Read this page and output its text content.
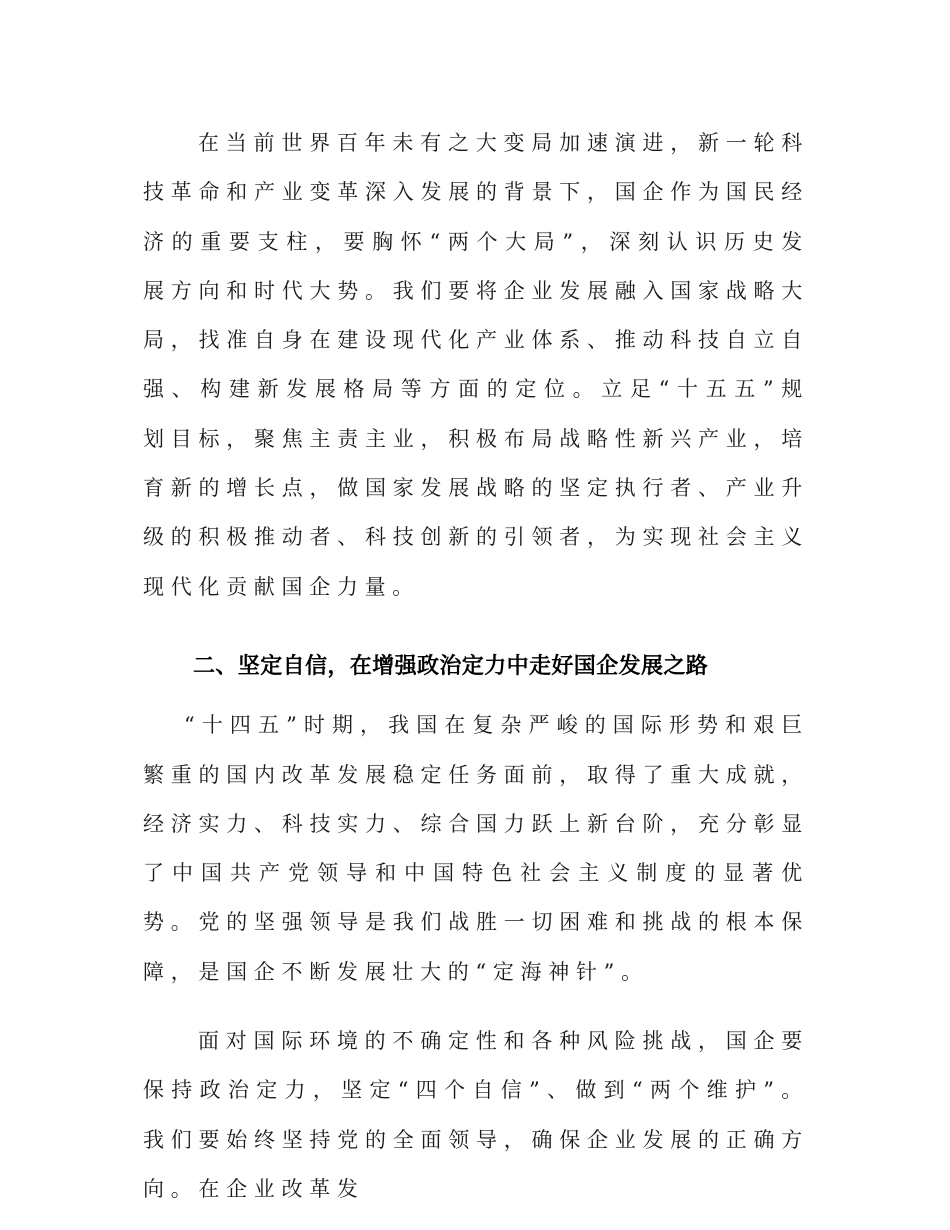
在当前世界百年未有之大变局加速演进，新一轮科技革命和产业变革深入发展的背景下，国企作为国民经济的重要支柱，要胸怀“两个大局”，深刻认识历史发展方向和时代大势。我们要将企业发展融入国家战略大局，找准自身在建设现代化产业体系、推动科技自立自强、构建新发展格局等方面的定位。立足“十五五”规划目标，聚焦主责主业，积极布局战略性新兴产业，培育新的增长点，做国家发展战略的坚定执行者、产业升级的积极推动者、科技创新的引领者，为实现社会主义现代化贡献国企力量。

二、坚定自信，在增强政治定力中走好国企发展之路

“十四五”时期，我国在复杂严峻的国际形势和艰巨繁重的国内改革发展稳定任务面前，取得了重大成就，经济实力、科技实力、综合国力跃上新台阶，充分彰显了中国共产党领导和中国特色社会主义制度的显著优势。党的坚强领导是我们战胜一切困难和挑战的根本保障，是国企不断发展壮大的“定海神针”。

面对国际环境的不确定性和各种风险挑战，国企要保持政治定力，坚定“四个自信”、做到“两个维护”。我们要始终坚持党的全面领导，确保企业发展的正确方向。在企业改革发
